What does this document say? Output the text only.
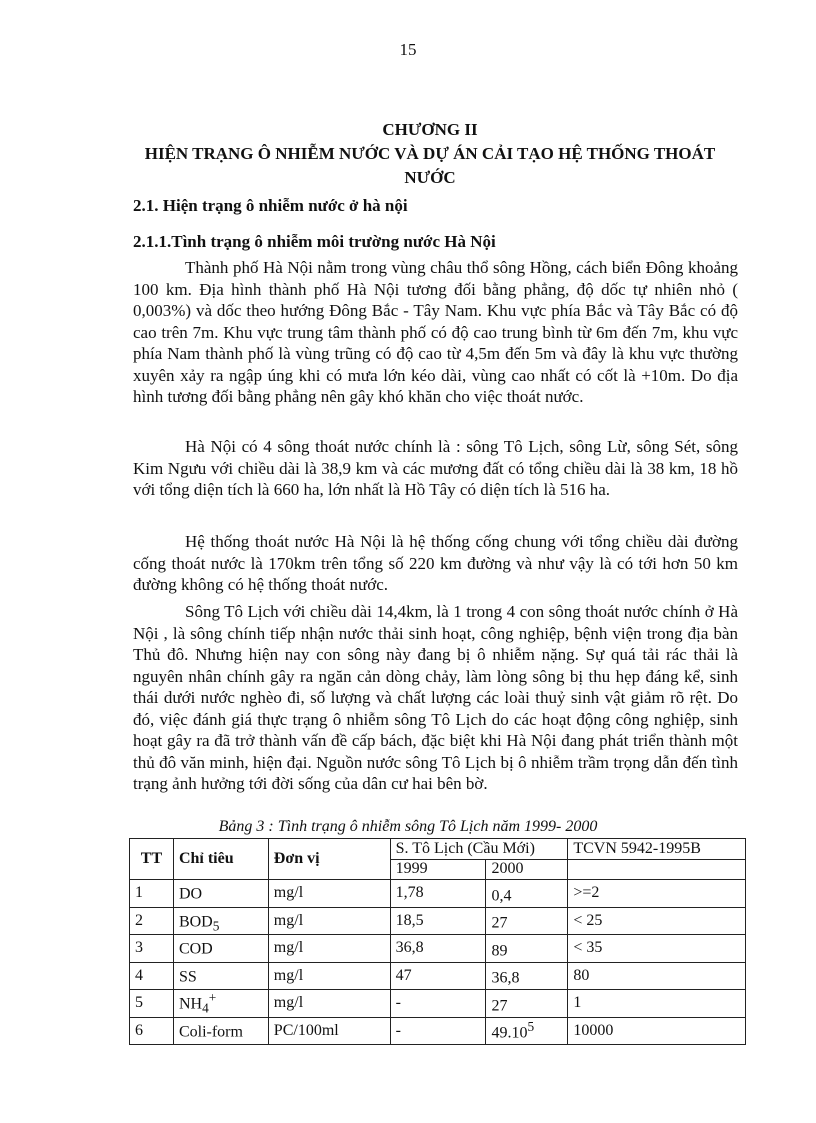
15
CHƯƠNG II
HIỆN TRẠNG Ô NHIỄM NƯỚC VÀ DỰ ÁN CẢI TẠO HỆ THỐNG THOÁT NƯỚC
2.1. Hiện trạng ô nhiễm nước ở hà nội
2.1.1.Tình trạng ô nhiễm môi trường nước Hà Nội

Thành phố Hà Nội nằm trong vùng châu thổ sông Hồng, cách biển Đông khoảng 100 km. Địa hình thành phố Hà Nội tương đối bằng phẳng, độ dốc tự nhiên nhỏ ( 0,003%) và dốc theo hướng Đông Bắc - Tây Nam. Khu vực phía Bắc và Tây Bắc có độ cao trên 7m. Khu vực trung tâm thành phố có độ cao trung bình từ 6m đến 7m, khu vực phía Nam thành phố là vùng trũng có độ cao từ 4,5m đến 5m và đây là khu vực thường xuyên xảy ra ngập úng khi có mưa lớn kéo dài, vùng cao nhất có cốt là +10m. Do địa hình tương đối bằng phẳng nên gây khó khăn cho việc thoát nước.

Hà Nội có 4 sông thoát nước chính là : sông Tô Lịch, sông Lừ, sông Sét, sông Kim Ngưu với chiều dài là 38,9 km và các mương đất có tổng chiều dài là 38 km, 18 hồ với tổng diện tích là 660 ha, lớn nhất là Hồ Tây có diện tích là 516 ha.

Hệ thống thoát nước Hà Nội là hệ thống cống chung với tổng chiều dài đường cống thoát nước là 170km trên tổng số 220 km đường và như vậy là có tới hơn 50 km đường không có hệ thống thoát nước.

Sông Tô Lịch với chiều dài 14,4km, là 1 trong 4 con sông thoát nước chính ở Hà Nội , là sông chính tiếp nhận nước thải sinh hoạt, công nghiệp, bệnh viện trong địa bàn Thủ đô. Nhưng hiện nay con sông này đang bị ô nhiễm nặng. Sự quá tải rác thải là nguyên nhân chính gây ra ngăn cản dòng chảy, làm lòng sông bị thu hẹp đáng kể, sinh thái dưới nước nghèo đi, số lượng và chất lượng các loài thuỷ sinh vật giảm rõ rệt. Do đó, việc đánh giá thực trạng ô nhiễm sông Tô Lịch do các hoạt động công nghiệp, sinh hoạt gây ra đã trở thành vấn đề cấp bách, đặc biệt khi Hà Nội đang phát triển thành một thủ đô văn minh, hiện đại. Nguồn nước sông Tô Lịch bị ô nhiễm trầm trọng dẫn đến tình trạng ảnh hưởng tới đời sống của dân cư hai bên bờ.

Bảng 3 : Tình trạng ô nhiễm sông Tô Lịch năm 1999- 2000
TT	Chỉ tiêu	Đơn vị	S. Tô Lịch (Cầu Mới)		TCVN 5942-1995B
			1999	2000	
1	DO	mg/l	1,78	0,4	>=2
2	$BOD_5$	mg/l	18,5	27	< 25
3	COD	mg/l	36,8	89	< 35
4	SS	mg/l	47	36,8	80
5	$NH_4^+$	mg/l	-	27	1
6	Coli-form	PC/100ml	-	49.10$^5$	10000
